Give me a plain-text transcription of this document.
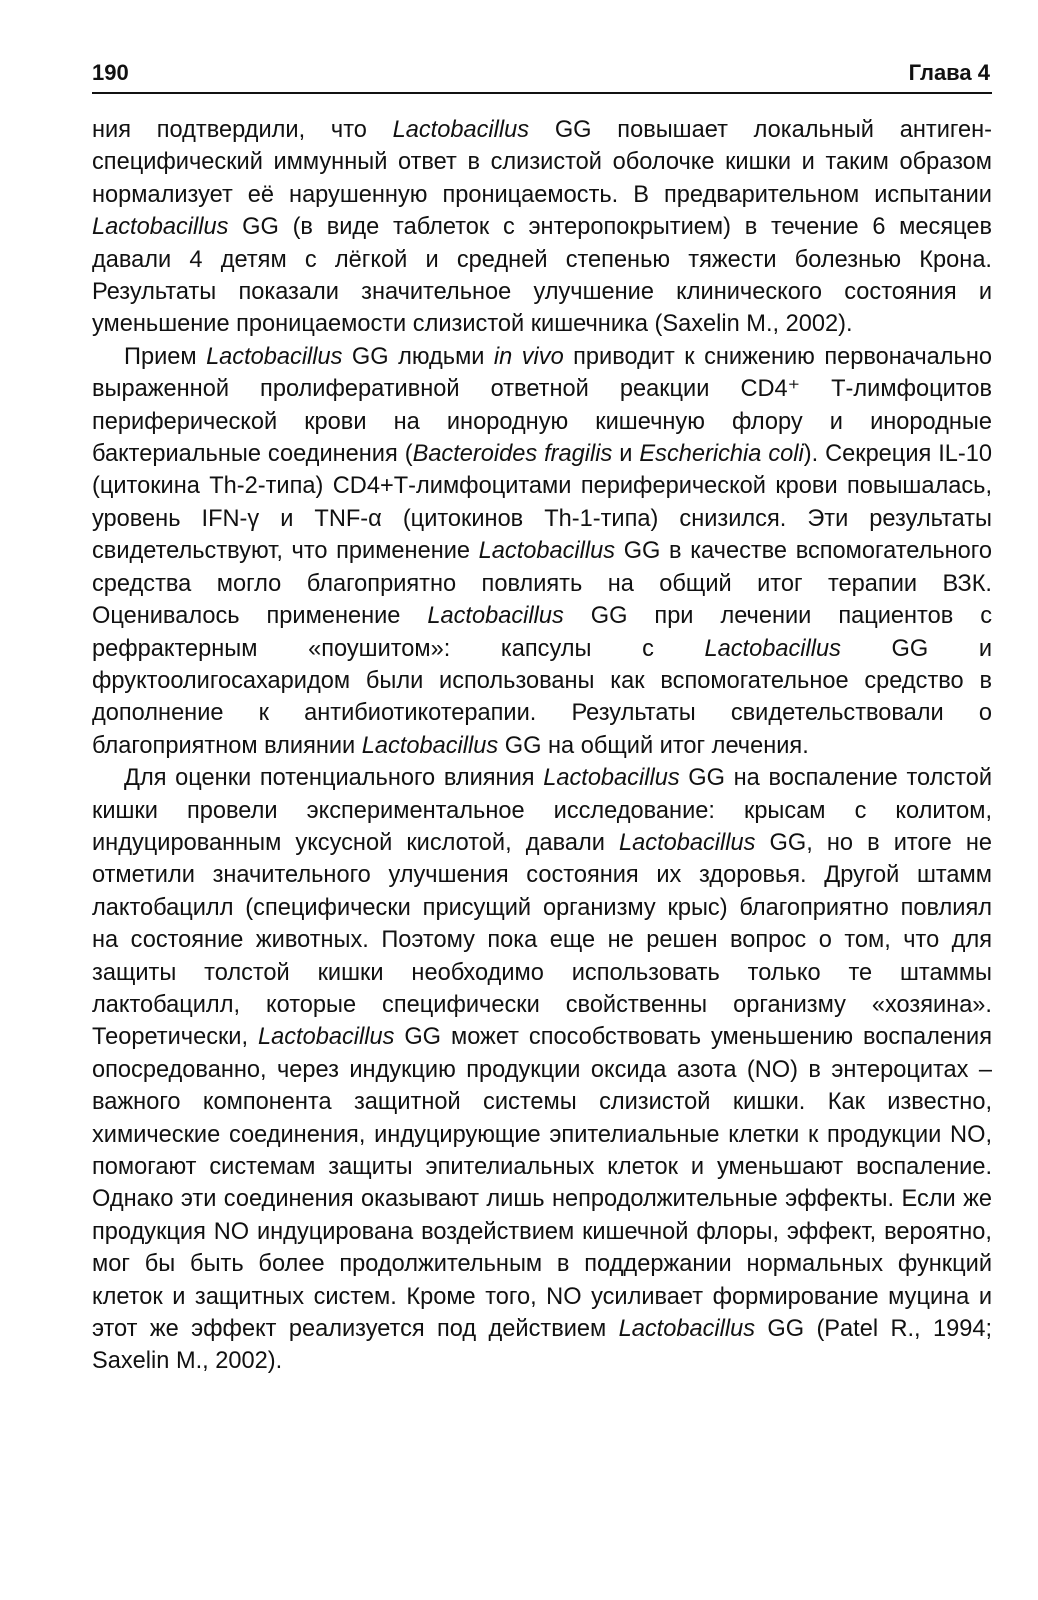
190	Глава 4

ния подтвердили, что Lactobacillus GG повышает локальный антиген-специфический иммунный ответ в слизистой оболочке кишки и таким образом нормализует её нарушенную проницаемость. В предварительном испытании Lactobacillus GG (в виде таблеток с энтеропокрытием) в течение 6 месяцев давали 4 детям с лёгкой и средней степенью тяжести болезнью Крона. Результаты показали значительное улучшение клинического состояния и уменьшение проницаемости слизистой кишечника (Saxelin M., 2002).

Прием Lactobacillus GG людьми in vivo приводит к снижению первоначально выраженной пролиферативной ответной реакции CD4⁺ Т-лимфоцитов периферической крови на инородную кишечную флору и инородные бактериальные соединения (Bacteroides fragilis и Escherichia coli). Секреция IL-10 (цитокина Th-2-типа) CD4+Т-лимфоцитами периферической крови повышалась, уровень IFN-γ и TNF-α (цитокинов Th-1-типа) снизился. Эти результаты свидетельствуют, что применение Lactobacillus GG в качестве вспомогательного средства могло благоприятно повлиять на общий итог терапии ВЗК. Оценивалось применение Lactobacillus GG при лечении пациентов с рефрактерным «поушитом»: капсулы с Lactobacillus GG и фруктоолигосахаридом были использованы как вспомогательное средство в дополнение к антибиотикотерапии. Результаты свидетельствовали о благоприятном влиянии Lactobacillus GG на общий итог лечения.

Для оценки потенциального влияния Lactobacillus GG на воспаление толстой кишки провели экспериментальное исследование: крысам с колитом, индуцированным уксусной кислотой, давали Lactobacillus GG, но в итоге не отметили значительного улучшения состояния их здоровья. Другой штамм лактобацилл (специфически присущий организму крыс) благоприятно повлиял на состояние животных. Поэтому пока еще не решен вопрос о том, что для защиты толстой кишки необходимо использовать только те штаммы лактобацилл, которые специфически свойственны организму «хозяина». Теоретически, Lactobacillus GG может способствовать уменьшению воспаления опосредованно, через индукцию продукции оксида азота (NO) в энтероцитах – важного компонента защитной системы слизистой кишки. Как известно, химические соединения, индуцирующие эпителиальные клетки к продукции NO, помогают системам защиты эпителиальных клеток и уменьшают воспаление. Однако эти соединения оказывают лишь непродолжительные эффекты. Если же продукция NO индуцирована воздействием кишечной флоры, эффект, вероятно, мог бы быть более продолжительным в поддержании нормальных функций клеток и защитных систем. Кроме того, NO усиливает формирование муцина и этот же эффект реализуется под действием Lactobacillus GG (Patel R., 1994; Saxelin M., 2002).
